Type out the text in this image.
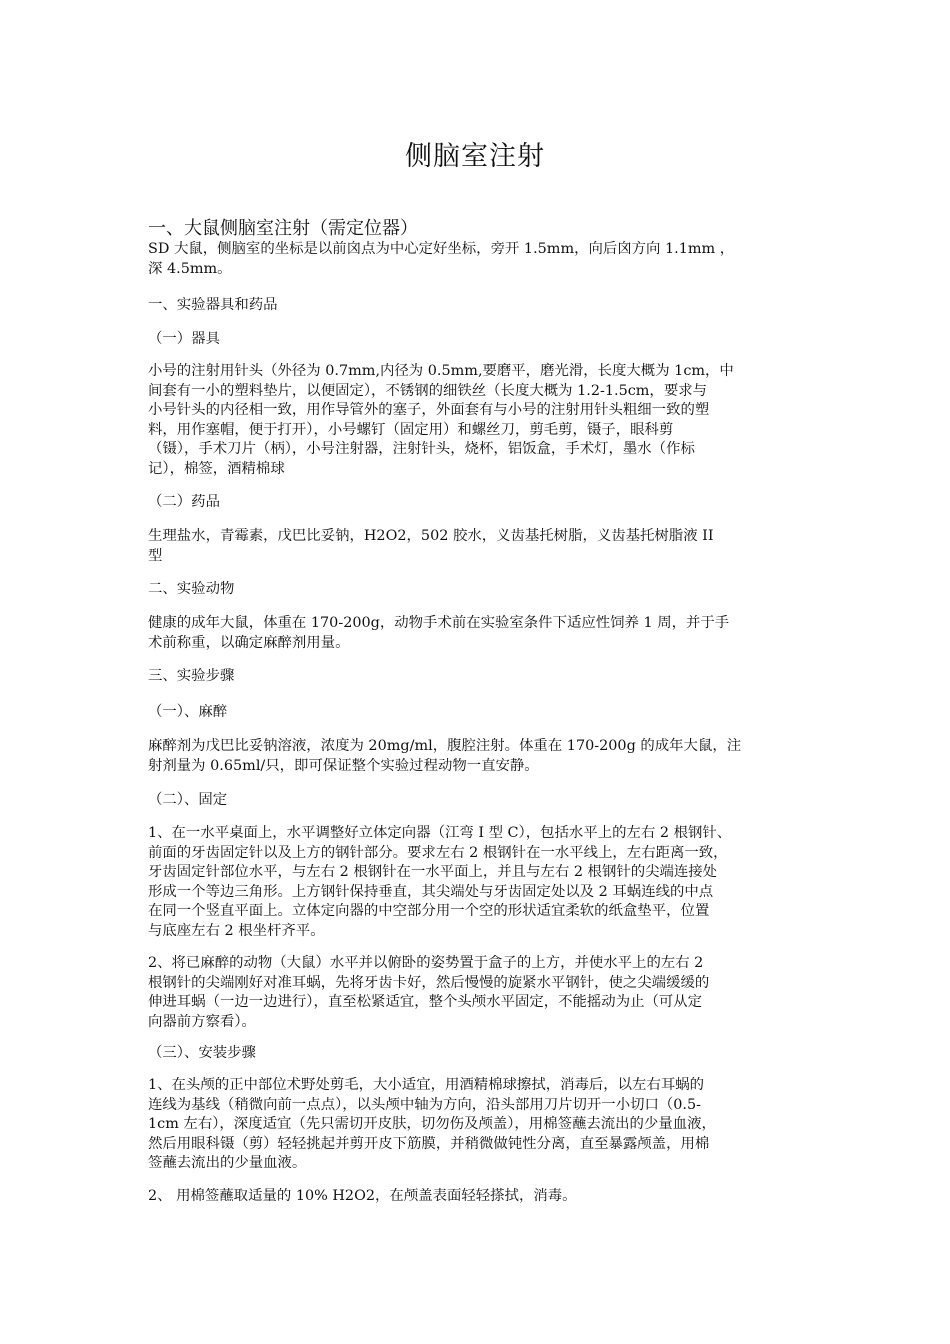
侧脑室注射
一、大鼠侧脑室注射（需定位器）
SD 大鼠，侧脑室的坐标是以前囟点为中心定好坐标，旁开 1.5mm，向后囟方向 1.1mm ，
深 4.5mm。
一、实验器具和药品
（一）器具
小号的注射用针头（外径为 0.7mm,内径为 0.5mm,要磨平，磨光滑，长度大概为 1cm，中
间套有一小的塑料垫片，以便固定），不锈钢的细铁丝（长度大概为 1.2-1.5cm，要求与
小号针头的内径相一致，用作导管外的塞子，外面套有与小号的注射用针头粗细一致的塑
料，用作塞帽，便于打开），小号螺钉（固定用）和螺丝刀，剪毛剪，镊子，眼科剪
（镊），手术刀片（柄），小号注射器，注射针头，烧杯，铝饭盒，手术灯，墨水（作标
记），棉签，酒精棉球
（二）药品
生理盐水，青霉素，戊巴比妥钠，H2O2，502 胶水，义齿基托树脂，义齿基托树脂液 II
型
二、实验动物
健康的成年大鼠，体重在 170-200g，动物手术前在实验室条件下适应性饲养 1 周，并于手
术前称重，以确定麻醉剂用量。
三、实验步骤
（一）、麻醉
麻醉剂为戊巴比妥钠溶液，浓度为 20mg/ml，腹腔注射。体重在 170-200g 的成年大鼠，注
射剂量为 0.65ml/只，即可保证整个实验过程动物一直安静。
（二）、固定
1、在一水平桌面上，水平调整好立体定向器（江弯 I 型 C），包括水平上的左右 2 根钢针、
前面的牙齿固定针以及上方的钢针部分。要求左右 2 根钢针在一水平线上，左右距离一致，
牙齿固定针部位水平，与左右 2 根钢针在一水平面上，并且与左右 2 根钢针的尖端连接处
形成一个等边三角形。上方钢针保持垂直，其尖端处与牙齿固定处以及 2 耳蜗连线的中点
在同一个竖直平面上。立体定向器的中空部分用一个空的形状适宜柔软的纸盒垫平，位置
与底座左右 2 根坐杆齐平。
2、将已麻醉的动物（大鼠）水平并以俯卧的姿势置于盒子的上方，并使水平上的左右 2
根钢针的尖端刚好对准耳蜗，先将牙齿卡好，然后慢慢的旋紧水平钢针，使之尖端缓缓的
伸进耳蜗（一边一边进行），直至松紧适宜，整个头颅水平固定，不能摇动为止（可从定
向器前方察看）。
（三）、安装步骤
1、在头颅的正中部位术野处剪毛，大小适宜，用酒精棉球擦拭，消毒后，以左右耳蜗的
连线为基线（稍微向前一点点），以头颅中轴为方向，沿头部用刀片切开一小切口（0.5-
1cm 左右），深度适宜（先只需切开皮肤，切勿伤及颅盖），用棉签蘸去流出的少量血液，
然后用眼科镊（剪）轻轻挑起并剪开皮下筋膜，并稍微做钝性分离，直至暴露颅盖，用棉
签蘸去流出的少量血液。
2、 用棉签蘸取适量的 10% H2O2，在颅盖表面轻轻搽拭，消毒。
